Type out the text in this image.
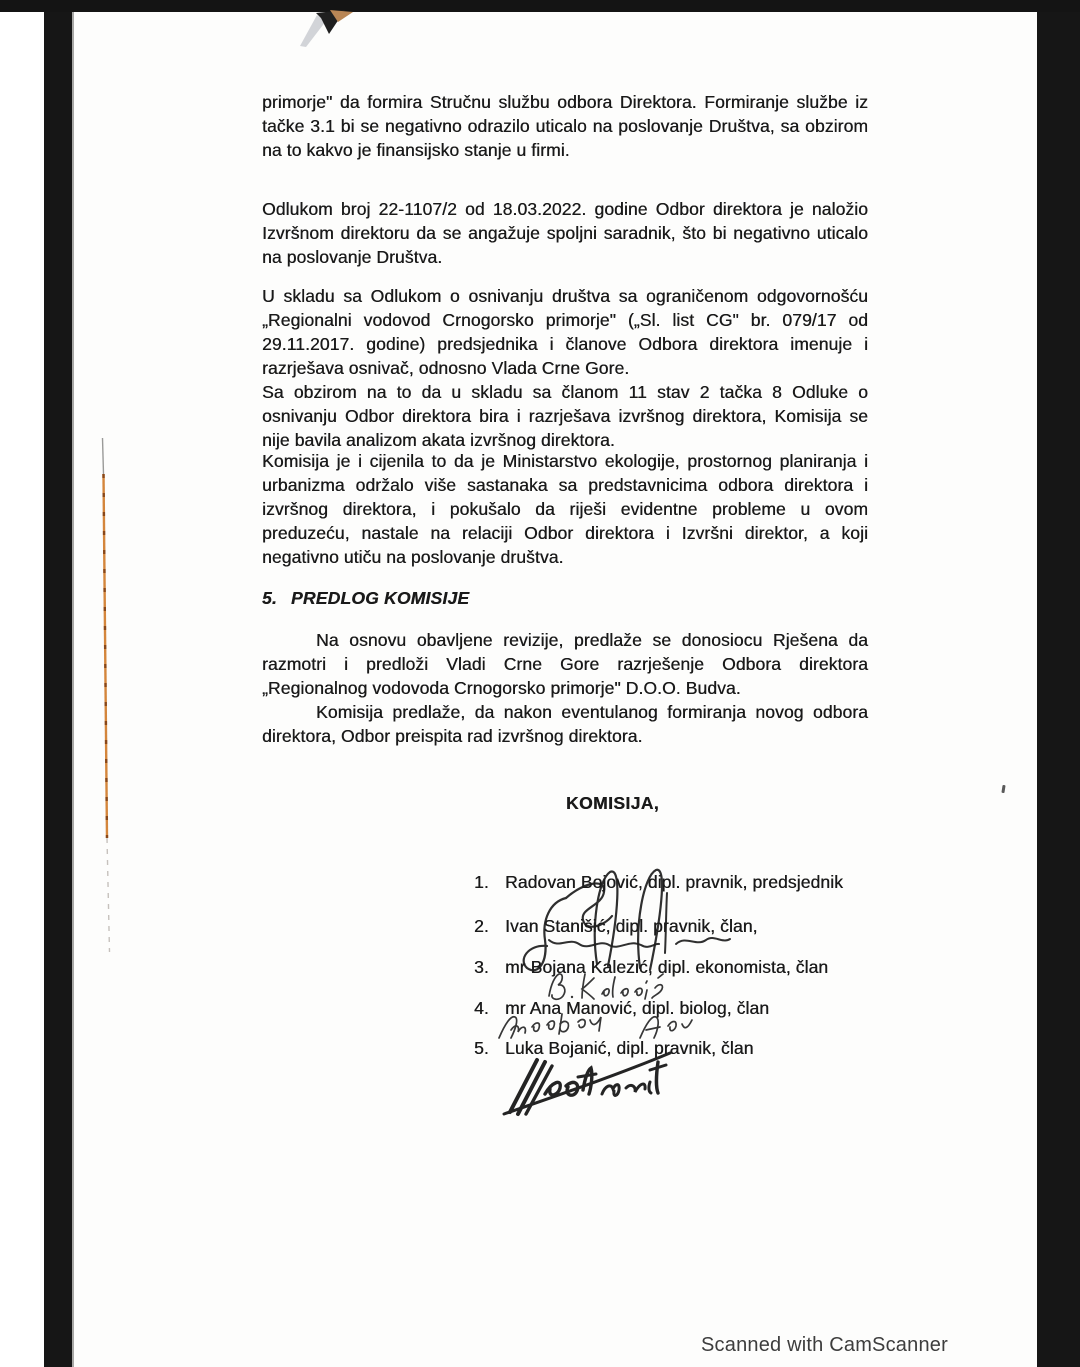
primorje" da formira Stručnu službu odbora Direktora. Formiranje službe iz tačke 3.1 bi se negativno odrazilo uticalo na poslovanje Društva, sa obzirom na to kakvo je finansijsko stanje u firmi.

Odlukom broj 22-1107/2 od 18.03.2022. godine Odbor direktora je naložio Izvršnom direktoru da se angažuje spoljni saradnik, što bi negativno uticalo na poslovanje Društva.

U skladu sa Odlukom o osnivanju društva sa ograničenom odgovornošću „Regionalni vodovod Crnogorsko primorje" („Sl. list CG" br. 079/17 od 29.11.2017. godine) predsjednika i članove Odbora direktora imenuje i razrješava osnivač, odnosno Vlada Crne Gore.

Sa obzirom na to da u skladu sa članom 11 stav 2 tačka 8 Odluke o osnivanju Odbor direktora bira i razrješava izvršnog direktora, Komisija se nije bavila analizom akata izvršnog direktora.

Komisija je i cijenila to da je Ministarstvo ekologije, prostornog planiranja i urbanizma održalo više sastanaka sa predstavnicima odbora direktora i izvršnog direktora, i pokušalo da riješi evidentne probleme u ovom preduzeću, nastale na relaciji Odbor direktora i Izvršni direktor, a koji negativno utiču na poslovanje društva.

5. PREDLOG KOMISIJE

Na osnovu obavljene revizije, predlaže se donosiocu Rješena da razmotri i predloži Vladi Crne Gore razrješenje Odbora direktora „Regionalnog vodovoda Crnogorsko primorje" D.O.O. Budva.

Komisija predlaže, da nakon eventulanog formiranja novog odbora direktora, Odbor preispita rad izvršnog direktora.

KOMISIJA,
1. Radovan Bojović, dipl. pravnik, predsjednik
2. Ivan Stanišić, dipl. pravnik, član,
3. mr Bojana Kalezić, dipl. ekonomista, član
4. mr Ana Manović, dipl. biolog, član
5. Luka Bojanić, dipl. pravnik, član
Scanned with CamScanner
